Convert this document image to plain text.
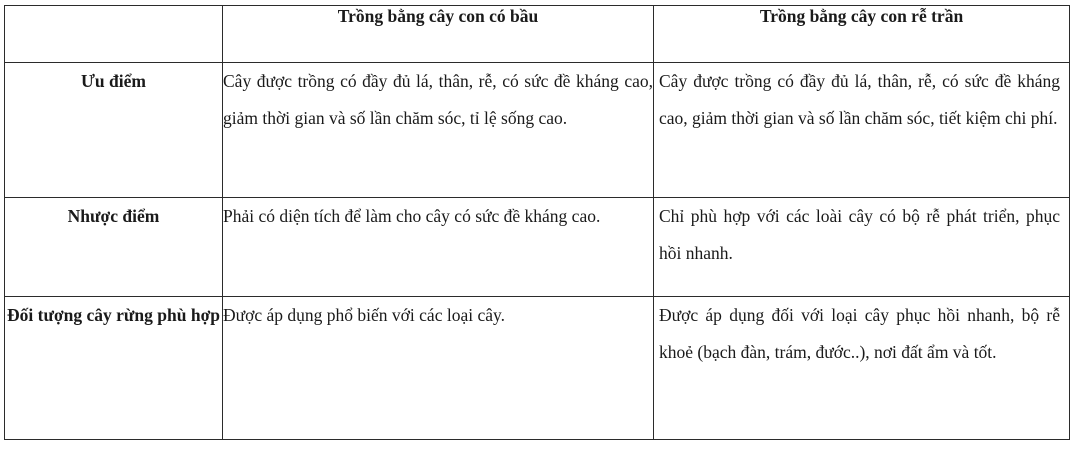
	Trồng bằng cây con có bầu	Trồng bằng cây con rễ trần
Ưu điểm	Cây được trồng có đầy đủ lá, thân, rễ, có sức đề kháng cao, giảm thời gian và số lần chăm sóc, tỉ lệ sống cao.	Cây được trồng có đầy đủ lá, thân, rễ, có sức đề kháng cao, giảm thời gian và số lần chăm sóc, tiết kiệm chi phí.
Nhược điểm	Phải có diện tích để làm cho cây có sức đề kháng cao.	Chỉ phù hợp với các loài cây có bộ rễ phát triển, phục hồi nhanh.
Đối tượng cây rừng phù hợp	Được áp dụng phổ biến với các loại cây.	Được áp dụng đối với loại cây phục hồi nhanh, bộ rễ khoẻ (bạch đàn, trám, đước..), nơi đất ẩm và tốt.
